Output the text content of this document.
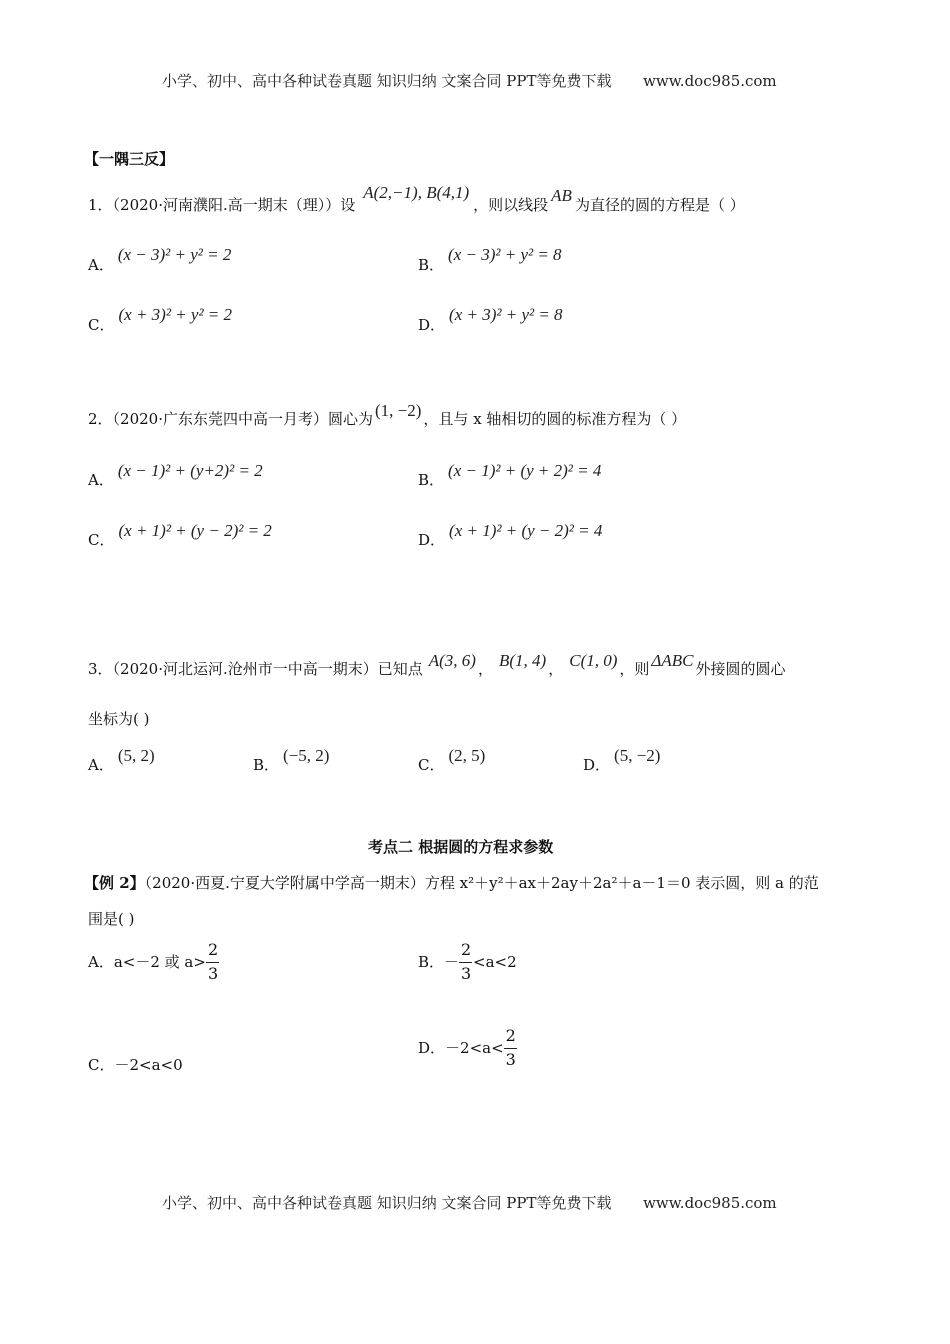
小学、初中、高中各种试卷真题 知识归纳 文案合同 PPT等免费下载 www.doc985.com
【一隅三反】
1．（2020·河南濮阳.高一期末（理））设A(2,−1), B(4,1)，则以线段 AB 为直径的圆的方程是（ ）
A．(x − 3)² + y² = 2
B．(x − 3)² + y² = 8
C．(x + 3)² + y² = 2
D．(x + 3)² + y² = 8
2．（2020·广东东莞四中高一月考）圆心为 (1, −2) ，且与 x 轴相切的圆的标准方程为（ ）
A． (x − 1)² + (y+2)² = 2	B． (x − 1)² + (y + 2)² = 4
C． (x + 1)² + (y − 2)² = 2	D． (x + 1)² + (y − 2)² = 4
3．（2020·河北运河.沧州市一中高一期末）已知点 A(3, 6) ， B(1, 4) ， C(1, 0) ，则 ΔABC 外接圆的圆心
坐标为( )
A． (5, 2)	B． (−5, 2)	C． (2, 5)	D． (5, −2)
考点二 根据圆的方程求参数
【例 2】（2020·西夏.宁夏大学附属中学高一期末）方程 x²＋y²＋ax＋2ay＋2a²＋a－1＝0 表示圆，则 a 的范
围是( )
A．a<－2 或 $a> \frac{2}{3}$	B．－ $\frac{2}{3} <a<2$
C．－2<a<0
D．$-2<a< \frac{2}{3}$
小学、初中、高中各种试卷真题 知识归纳 文案合同 PPT等免费下载 www.doc985.com
